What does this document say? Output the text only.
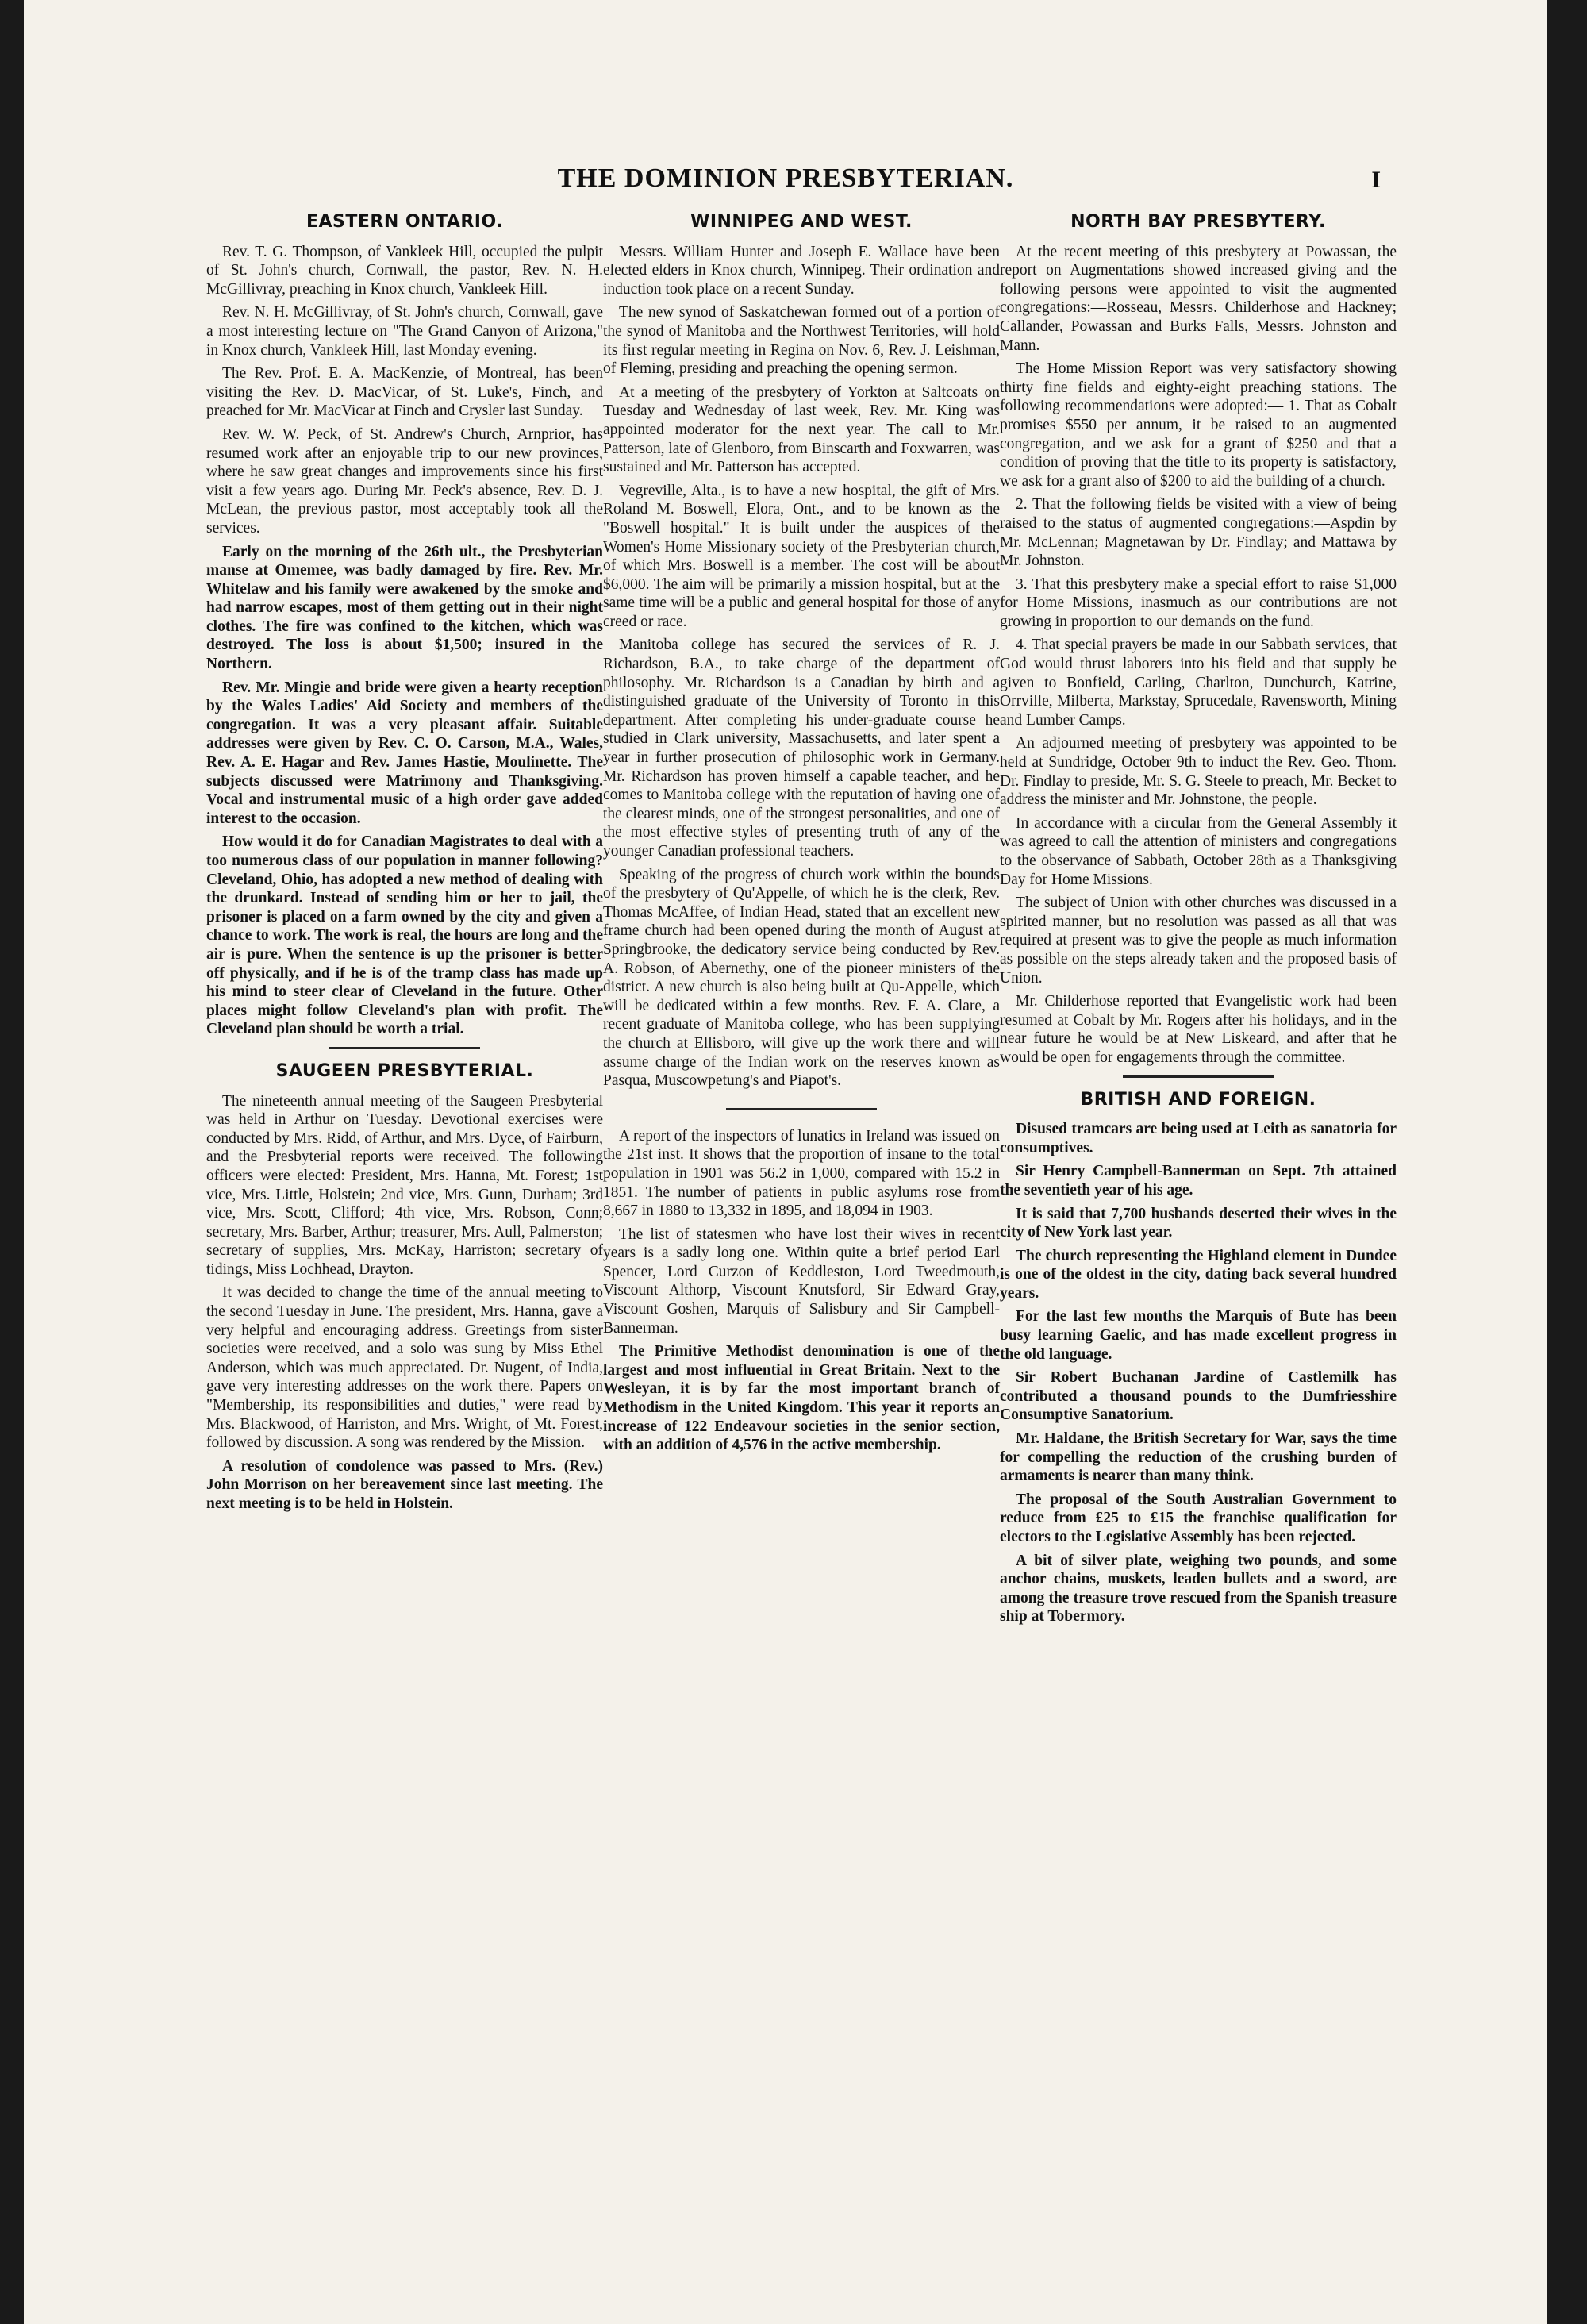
THE DOMINION PRESBYTERIAN.	I
EASTERN ONTARIO.

Rev. T. G. Thompson, of Vankleek Hill, occupied the pulpit of St. John's church, Cornwall, the pastor, Rev. N. H. McGillivray, preaching in Knox church, Vankleek Hill.

Rev. N. H. McGillivray, of St. John's church, Cornwall, gave a most interesting lecture on "The Grand Canyon of Arizona," in Knox church, Vankleek Hill, last Monday evening.

The Rev. Prof. E. A. MacKenzie, of Montreal, has been visiting the Rev. D. MacVicar, of St. Luke's, Finch, and preached for Mr. MacVicar at Finch and Crysler last Sunday.

Rev. W. W. Peck, of St. Andrew's Church, Arnprior, has resumed work after an enjoyable trip to our new provinces, where he saw great changes and improvements since his first visit a few years ago. During Mr. Peck's absence, Rev. D. J. McLean, the previous pastor, most acceptably took all the services.

Early on the morning of the 26th ult., the Presbyterian manse at Omemee, was badly damaged by fire. Rev. Mr. Whitelaw and his family were awakened by the smoke and had narrow escapes, most of them getting out in their night clothes. The fire was confined to the kitchen, which was destroyed. The loss is about $1,500; insured in the Northern.

Rev. Mr. Mingie and bride were given a hearty reception by the Wales Ladies' Aid Society and members of the congregation. It was a very pleasant affair. Suitable addresses were given by Rev. C. O. Carson, M.A., Wales, Rev. A. E. Hagar and Rev. James Hastie, Moulinette. The subjects discussed were Matrimony and Thanksgiving. Vocal and instrumental music of a high order gave added interest to the occasion.

How would it do for Canadian Magistrates to deal with a too numerous class of our population in manner following? Cleveland, Ohio, has adopted a new method of dealing with the drunkard. Instead of sending him or her to jail, the prisoner is placed on a farm owned by the city and given a chance to work. The work is real, the hours are long and the air is pure. When the sentence is up the prisoner is better off physically, and if he is of the tramp class has made up his mind to steer clear of Cleveland in the future. Other places might follow Cleveland's plan with profit. The Cleveland plan should be worth a trial.

SAUGEEN PRESBYTERIAL.

The nineteenth annual meeting of the Saugeen Presbyterial was held in Arthur on Tuesday. Devotional exercises were conducted by Mrs. Ridd, of Arthur, and Mrs. Dyce, of Fairburn, and the Presbyterial reports were received. The following officers were elected: President, Mrs. Hanna, Mt. Forest; 1st vice, Mrs. Little, Holstein; 2nd vice, Mrs. Gunn, Durham; 3rd vice, Mrs. Scott, Clifford; 4th vice, Mrs. Robson, Conn; secretary, Mrs. Barber, Arthur; treasurer, Mrs. Aull, Palmerston; secretary of supplies, Mrs. McKay, Harriston; secretary of tidings, Miss Lochhead, Drayton.

It was decided to change the time of the annual meeting to the second Tuesday in June. The president, Mrs. Hanna, gave a very helpful and encouraging address. Greetings from sister societies were received, and a solo was sung by Miss Ethel Anderson, which was much appreciated. Dr. Nugent, of India, gave very interesting addresses on the work there. Papers on "Membership, its responsibilities and duties," were read by Mrs. Blackwood, of Harriston, and Mrs. Wright, of Mt. Forest, followed by discussion. A song was rendered by the Mission.

A resolution of condolence was passed to Mrs. (Rev.) John Morrison on her bereavement since last meeting. The next meeting is to be held in Holstein.

WINNIPEG AND WEST.

Messrs. William Hunter and Joseph E. Wallace have been elected elders in Knox church, Winnipeg. Their ordination and induction took place on a recent Sunday.

The new synod of Saskatchewan formed out of a portion of the synod of Manitoba and the Northwest Territories, will hold its first regular meeting in Regina on Nov. 6, Rev. J. Leishman, of Fleming, presiding and preaching the opening sermon.

At a meeting of the presbytery of Yorkton at Saltcoats on Tuesday and Wednesday of last week, Rev. Mr. King was appointed moderator for the next year. The call to Mr. Patterson, late of Glenboro, from Binscarth and Foxwarren, was sustained and Mr. Patterson has accepted.

Vegreville, Alta., is to have a new hospital, the gift of Mrs. Roland M. Boswell, Elora, Ont., and to be known as the "Boswell hospital." It is built under the auspices of the Women's Home Missionary society of the Presbyterian church, of which Mrs. Boswell is a member. The cost will be about $6,000. The aim will be primarily a mission hospital, but at the same time will be a public and general hospital for those of any creed or race.

Manitoba college has secured the services of R. J. Richardson, B.A., to take charge of the department of philosophy. Mr. Richardson is a Canadian by birth and a distinguished graduate of the University of Toronto in this department. After completing his under-graduate course he studied in Clark university, Massachusetts, and later spent a year in further prosecution of philosophic work in Germany. Mr. Richardson has proven himself a capable teacher, and he comes to Manitoba college with the reputation of having one of the clearest minds, one of the strongest personalities, and one of the most effective styles of presenting truth of any of the younger Canadian professional teachers.

Speaking of the progress of church work within the bounds of the presbytery of Qu'Appelle, of which he is the clerk, Rev. Thomas McAffee, of Indian Head, stated that an excellent new frame church had been opened during the month of August at Springbrooke, the dedicatory service being conducted by Rev. A. Robson, of Abernethy, one of the pioneer ministers of the district. A new church is also being built at Qu-Appelle, which will be dedicated within a few months. Rev. F. A. Clare, a recent graduate of Manitoba college, who has been supplying the church at Ellisboro, will give up the work there and will assume charge of the Indian work on the reserves known as Pasqua, Muscowpetung's and Piapot's.

A report of the inspectors of lunatics in Ireland was issued on the 21st inst. It shows that the proportion of insane to the total population in 1901 was 56.2 in 1,000, compared with 15.2 in 1851. The number of patients in public asylums rose from 8,667 in 1880 to 13,332 in 1895, and 18,094 in 1903.

The list of statesmen who have lost their wives in recent years is a sadly long one. Within quite a brief period Earl Spencer, Lord Curzon of Keddleston, Lord Tweedmouth, Viscount Althorp, Viscount Knutsford, Sir Edward Gray, Viscount Goshen, Marquis of Salisbury and Sir Campbell-Bannerman.

The Primitive Methodist denomination is one of the largest and most influential in Great Britain. Next to the Wesleyan, it is by far the most important branch of Methodism in the United Kingdom. This year it reports an increase of 122 Endeavour societies in the senior section, with an addition of 4,576 in the active membership.

NORTH BAY PRESBYTERY.

At the recent meeting of this presbytery at Powassan, the report on Augmentations showed increased giving and the following persons were appointed to visit the augmented congregations:—Rosseau, Messrs. Childerhose and Hackney; Callander, Powassan and Burks Falls, Messrs. Johnston and Mann.

The Home Mission Report was very satisfactory showing thirty fine fields and eighty-eight preaching stations. The following recommendations were adopted:— 1. That as Cobalt promises $550 per annum, it be raised to an augmented congregation, and we ask for a grant of $250 and that a condition of proving that the title to its property is satisfactory, we ask for a grant also of $200 to aid the building of a church.

2. That the following fields be visited with a view of being raised to the status of augmented congregations:—Aspdin by Mr. McLennan; Magnetawan by Dr. Findlay; and Mattawa by Mr. Johnston.

3. That this presbytery make a special effort to raise $1,000 for Home Missions, inasmuch as our contributions are not growing in proportion to our demands on the fund.

4. That special prayers be made in our Sabbath services, that God would thrust laborers into his field and that supply be given to Bonfield, Carling, Charlton, Dunchurch, Katrine, Orrville, Milberta, Markstay, Sprucedale, Ravensworth, Mining and Lumber Camps.

An adjourned meeting of presbytery was appointed to be held at Sundridge, October 9th to induct the Rev. Geo. Thom. Dr. Findlay to preside, Mr. S. G. Steele to preach, Mr. Becket to address the minister and Mr. Johnstone, the people.

In accordance with a circular from the General Assembly it was agreed to call the attention of ministers and congregations to the observance of Sabbath, October 28th as a Thanksgiving Day for Home Missions.

The subject of Union with other churches was discussed in a spirited manner, but no resolution was passed as all that was required at present was to give the people as much information as possible on the steps already taken and the proposed basis of Union.

Mr. Childerhose reported that Evangelistic work had been resumed at Cobalt by Mr. Rogers after his holidays, and in the near future he would be at New Liskeard, and after that he would be open for engagements through the committee.

BRITISH AND FOREIGN.

Disused tramcars are being used at Leith as sanatoria for consumptives.

Sir Henry Campbell-Bannerman on Sept. 7th attained the seventieth year of his age.

It is said that 7,700 husbands deserted their wives in the city of New York last year.

The church representing the Highland element in Dundee is one of the oldest in the city, dating back several hundred years.

For the last few months the Marquis of Bute has been busy learning Gaelic, and has made excellent progress in the old language.

Sir Robert Buchanan Jardine of Castlemilk has contributed a thousand pounds to the Dumfriesshire Consumptive Sanatorium.

Mr. Haldane, the British Secretary for War, says the time for compelling the reduction of the crushing burden of armaments is nearer than many think.

The proposal of the South Australian Government to reduce from £25 to £15 the franchise qualification for electors to the Legislative Assembly has been rejected.

A bit of silver plate, weighing two pounds, and some anchor chains, muskets, leaden bullets and a sword, are among the treasure trove rescued from the Spanish treasure ship at Tobermory.
